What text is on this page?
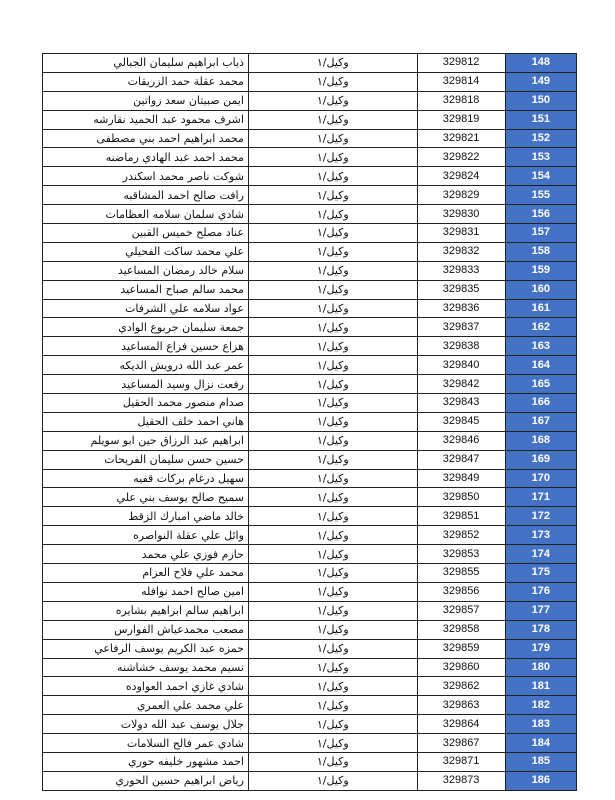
ذياب ابراهيم سليمان الجبالي	وكيل/١	329812	148
محمد عقلة حمد الزريقات	وكيل/١	329814	149
ايمن صبيتان سعد زواتين	وكيل/١	329818	150
اشرف محمود عبد الحميد نقارشه	وكيل/١	329819	151
محمد ابراهيم احمد بني مصطفى	وكيل/١	329821	152
محمد احمد عبد الهادي رماضنه	وكيل/١	329822	153
شوكت ناصر محمد اسكندر	وكيل/١	329824	154
رافت صالح احمد المشاقبه	وكيل/١	329829	155
شادي سلمان سلامه العظامات	وكيل/١	329830	156
عناد مصلح خميس القبين	وكيل/١	329831	157
علي محمد ساكت الفحيلي	وكيل/١	329832	158
سلام خالد رمضان المساعيد	وكيل/١	329833	159
محمد سالم صباح المساعيد	وكيل/١	329835	160
عواد سلامه علي الشرفات	وكيل/١	329836	161
جمعة سليمان جربوع الوادي	وكيل/١	329837	162
هزاع حسين فزاع المساعيد	وكيل/١	329838	163
عمر عبد الله درويش الديكه	وكيل/١	329840	164
رفعت نزال وسيد المساعيد	وكيل/١	329842	165
صدام منصور محمد الحقيل	وكيل/١	329843	166
هاني احمد خلف الحقيل	وكيل/١	329845	167
ابراهيم عبد الرزاق حين ابو سويلم	وكيل/١	329846	168
حسين حسن سليمان الفريحات	وكيل/١	329847	169
سهيل درغام بركات قفيه	وكيل/١	329849	170
سميح صالح يوسف بني علي	وكيل/١	329850	171
خالد ماضي امبارك الزقط	وكيل/١	329851	172
وائل علي عقلة النواصره	وكيل/١	329852	173
حازم فوزي علي محمد	وكيل/١	329853	174
محمد علي فلاح العزام	وكيل/١	329855	175
امين صالح احمد نوافله	وكيل/١	329856	176
ابراهيم سالم ابراهيم بشايره	وكيل/١	329857	177
مصعب محمدعياش الفوارس	وكيل/١	329858	178
حمزه عبد الكريم يوسف الرفاعي	وكيل/١	329859	179
نسيم محمد يوسف خشاشنه	وكيل/١	329860	180
شادي غازي احمد العواوده	وكيل/١	329862	181
علي محمد علي العمري	وكيل/١	329863	182
جلال يوسف عبد الله دولات	وكيل/١	329864	183
شادي عمر فالح السلامات	وكيل/١	329867	184
احمد مشهور خليفه حوري	وكيل/١	329871	185
رياض ابراهيم حسين الحوري	وكيل/١	329873	186
